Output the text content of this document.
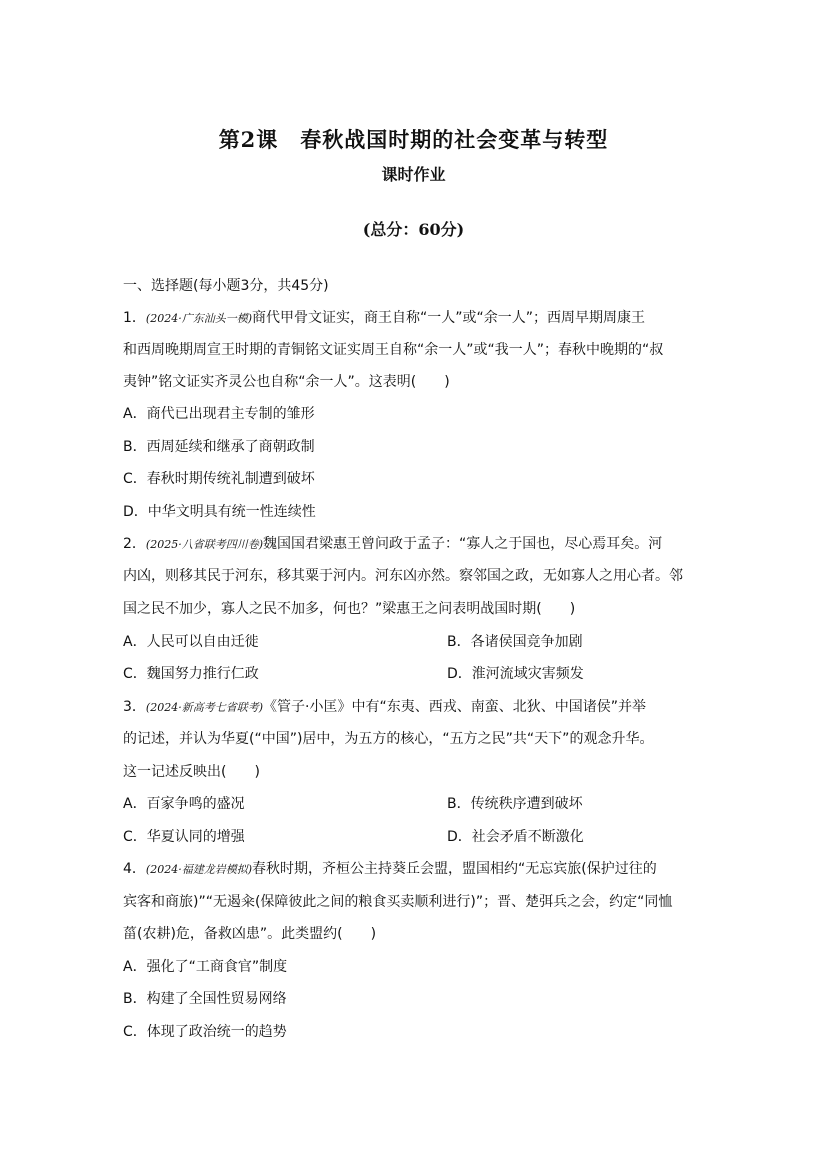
第2课　春秋战国时期的社会变革与转型
课时作业
(总分：60分)
一、选择题(每小题3分，共45分)
1．(2024·广东汕头一模)商代甲骨文证实，商王自称“一人”或“余一人”；西周早期周康王
和西周晚期周宣王时期的青铜铭文证实周王自称“余一人”或“我一人”；春秋中晚期的“叔
夷钟”铭文证实齐灵公也自称“余一人”。这表明(　　)
A．商代已出现君主专制的雏形
B．西周延续和继承了商朝政制
C．春秋时期传统礼制遭到破坏
D．中华文明具有统一性连续性
2．(2025·八省联考四川卷)魏国国君梁惠王曾问政于孟子：“寡人之于国也，尽心焉耳矣。河
内凶，则移其民于河东，移其粟于河内。河东凶亦然。察邻国之政，无如寡人之用心者。邻
国之民不加少，寡人之民不加多，何也？”梁惠王之问表明战国时期(　　)
A．人民可以自由迁徙	B．各诸侯国竞争加剧
C．魏国努力推行仁政	D．淮河流域灾害频发
3．(2024·新高考七省联考)《管子·小匡》中有“东夷、西戎、南蛮、北狄、中国诸侯”并举
的记述，并认为华夏(“中国”)居中，为五方的核心，“五方之民”共“天下”的观念升华。
这一记述反映出(　　)
A．百家争鸣的盛况	B．传统秩序遭到破坏
C．华夏认同的增强	D．社会矛盾不断激化
4．(2024·福建龙岩模拟)春秋时期，齐桓公主持葵丘会盟，盟国相约“无忘宾旅(保护过往的
宾客和商旅)”“无遏籴(保障彼此之间的粮食买卖顺利进行)”；晋、楚弭兵之会，约定“同恤
菑(农耕)危，备救凶患”。此类盟约(　　)
A．强化了“工商食官”制度
B．构建了全国性贸易网络
C．体现了政治统一的趋势
